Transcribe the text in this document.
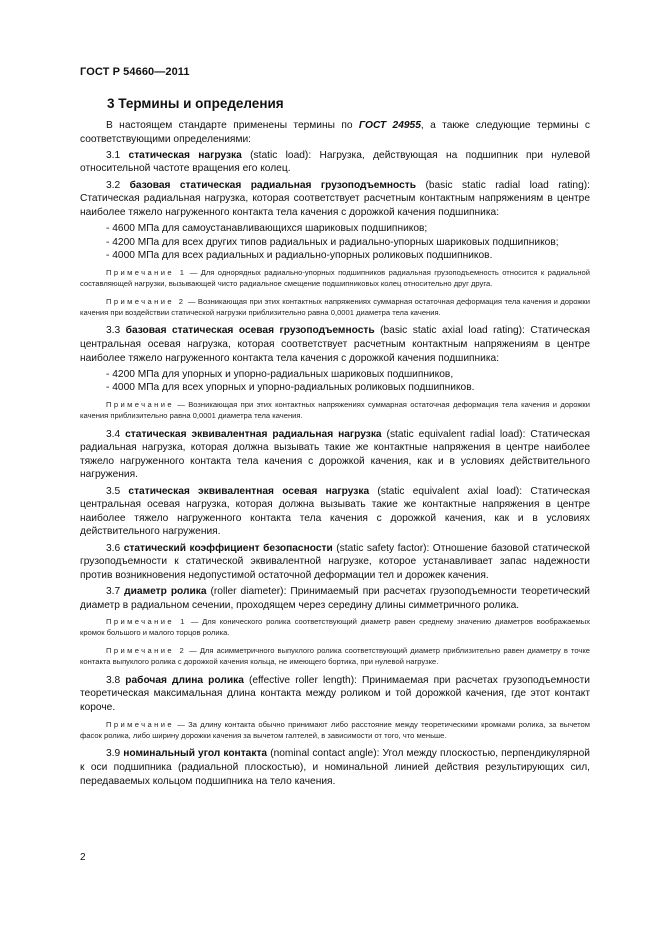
ГОСТ Р 54660—2011
3 Термины и определения

В настоящем стандарте применены термины по ГОСТ 24955, а также следующие термины с соответствующими определениями:

3.1 статическая нагрузка (static load): Нагрузка, действующая на подшипник при нулевой относительной частоте вращения его колец.

3.2 базовая статическая радиальная грузоподъемность (basic static radial load rating): Статическая радиальная нагрузка, которая соответствует расчетным контактным напряжениям в центре наиболее тяжело нагруженного контакта тела качения с дорожкой качения подшипника:

- 4600 МПа для самоустанавливающихся шариковых подшипников;
- 4200 МПа для всех других типов радиальных и радиально-упорных шариковых подшипников;
- 4000 МПа для всех радиальных и радиально-упорных роликовых подшипников.

Примечание 1 — Для однорядных радиально-упорных подшипников радиальная грузоподъемность относится к радиальной составляющей нагрузки, вызывающей чисто радиальное смещение подшипниковых колец относительно друг друга.

Примечание 2 — Возникающая при этих контактных напряжениях суммарная остаточная деформация тела качения и дорожки качения при воздействии статической нагрузки приблизительно равна 0,0001 диаметра тела качения.

3.3 базовая статическая осевая грузоподъемность (basic static axial load rating): Статическая центральная осевая нагрузка, которая соответствует расчетным контактным напряжениям в центре наиболее тяжело нагруженного контакта тела качения с дорожкой качения подшипника:

- 4200 МПа для упорных и упорно-радиальных шариковых подшипников,
- 4000 МПа для всех упорных и упорно-радиальных роликовых подшипников.

Примечание — Возникающая при этих контактных напряжениях суммарная остаточная деформация тела качения и дорожки качения приблизительно равна 0,0001 диаметра тела качения.

3.4 статическая эквивалентная радиальная нагрузка (static equivalent radial load): Статическая радиальная нагрузка, которая должна вызывать такие же контактные напряжения в центре наиболее тяжело нагруженного контакта тела качения с дорожкой качения, как и в условиях действительного нагружения.

3.5 статическая эквивалентная осевая нагрузка (static equivalent axial load): Статическая центральная осевая нагрузка, которая должна вызывать такие же контактные напряжения в центре наиболее тяжело нагруженного контакта тела качения с дорожкой качения, как и в условиях действительного нагружения.

3.6 статический коэффициент безопасности (static safety factor): Отношение базовой статической грузоподъемности к статической эквивалентной нагрузке, которое устанавливает запас надежности против возникновения недопустимой остаточной деформации тел и дорожек качения.

3.7 диаметр ролика (roller diameter): Принимаемый при расчетах грузоподъемности теоретический диаметр в радиальном сечении, проходящем через середину длины симметричного ролика.

Примечание 1 — Для конического ролика соответствующий диаметр равен среднему значению диаметров воображаемых кромок большого и малого торцов ролика.

Примечание 2 — Для асимметричного выпуклого ролика соответствующий диаметр приблизительно равен диаметру в точке контакта выпуклого ролика с дорожкой качения кольца, не имеющего бортика, при нулевой нагрузке.

3.8 рабочая длина ролика (effective roller length): Принимаемая при расчетах грузоподъемности теоретическая максимальная длина контакта между роликом и той дорожкой качения, где этот контакт короче.

Примечание — За длину контакта обычно принимают либо расстояние между теоретическими кромками ролика, за вычетом фасок ролика, либо ширину дорожки качения за вычетом галтелей, в зависимости от того, что меньше.

3.9 номинальный угол контакта (nominal contact angle): Угол между плоскостью, перпендикулярной к оси подшипника (радиальной плоскостью), и номинальной линией действия результирующих сил, передаваемых кольцом подшипника на тело качения.

2
